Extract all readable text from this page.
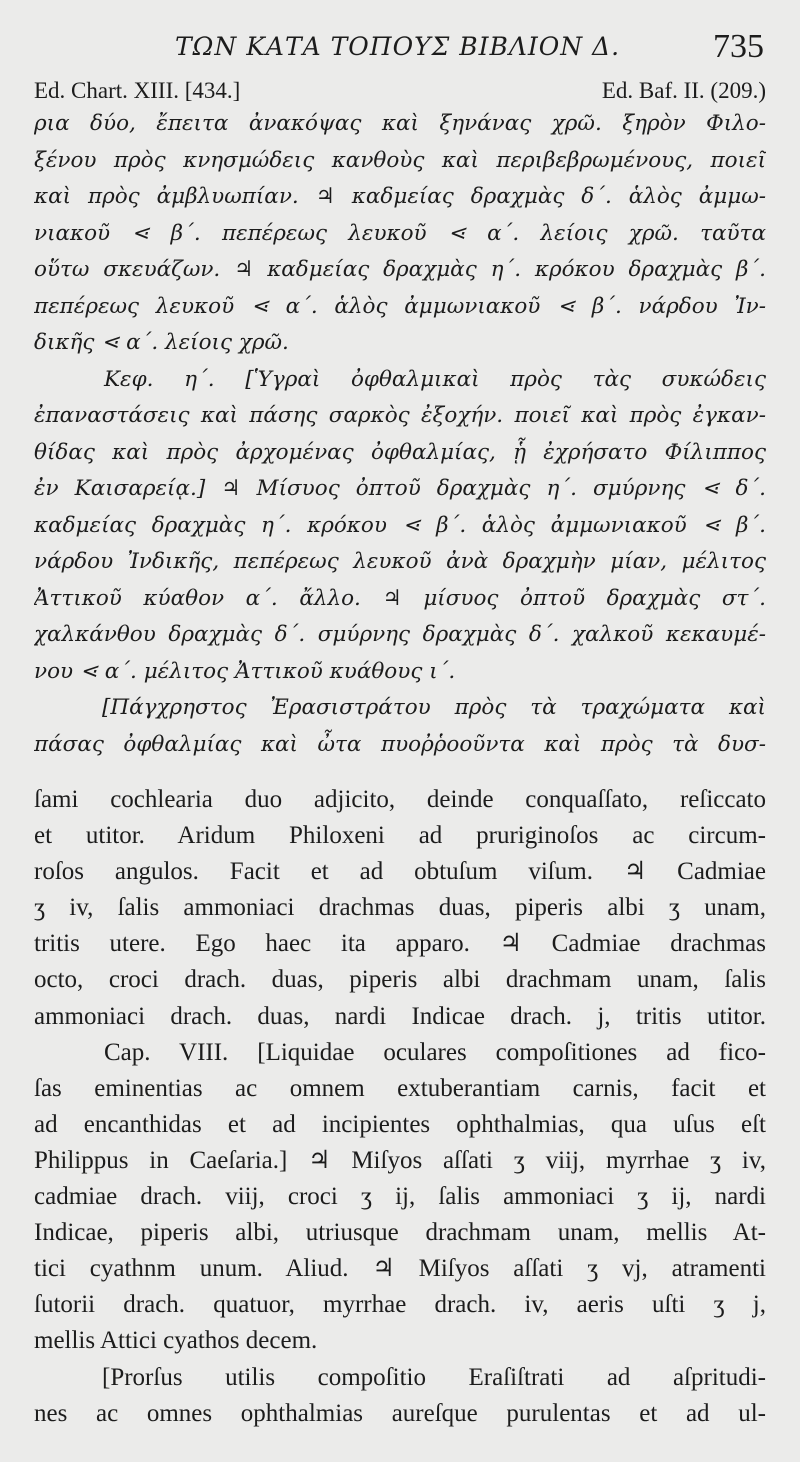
ΤΩΝ ΚΑΤΑ ΤΟΠΟΥΣ ΒΙΒΛΙΟΝ Δ.	735
Ed. Chart. XIII. [434.]	Ed. Baf. II. (209.)
ρια δύο, ἔπειτα ἀνακόψας καὶ ξηνάνας χρῶ. ξηρὸν Φιλο-
ξένου πρὸς κνησμώδεις κανθοὺς καὶ περιβεβρωμένους, ποιεῖ
καὶ πρὸς ἀμβλυωπίαν. ♃ καδμείας δραχμὰς δ΄. ἁλὸς ἀμμω-
νιακοῦ ⋖ β΄. πεπέρεως λευκοῦ ⋖ α΄. λείοις χρῶ. ταῦτα
οὕτω σκευάζων. ♃ καδμείας δραχμὰς η΄. κρόκου δραχμὰς β΄.
πεπέρεως λευκοῦ ⋖ α΄. ἁλὸς ἀμμωνιακοῦ ⋖ β΄. νάρδου Ἰν-
δικῆς ⋖ α΄. λείοις χρῶ.
Κεφ. η΄. [Ὑγραὶ ὀφθαλμικαὶ πρὸς τὰς συκώδεις
ἐπαναστάσεις καὶ πάσης σαρκὸς ἐξοχήν. ποιεῖ καὶ πρὸς ἐγκαν-
θίδας καὶ πρὸς ἀρχομένας ὀφθαλμίας, ᾗ ἐχρήσατο Φίλιππος
ἐν Καισαρείᾳ.] ♃ Μίσυος ὀπτοῦ δραχμὰς η΄. σμύρνης ⋖ δ΄.
καδμείας δραχμὰς η΄. κρόκου ⋖ β΄. ἁλὸς ἀμμωνιακοῦ ⋖ β΄.
νάρδου Ἰνδικῆς, πεπέρεως λευκοῦ ἀνὰ δραχμὴν μίαν, μέλιτος
Ἀττικοῦ κύαθον α΄. ἄλλο. ♃ μίσυος ὀπτοῦ δραχμὰς στ΄.
χαλκάνθου δραχμὰς δ΄. σμύρνης δραχμὰς δ΄. χαλκοῦ κεκαυμέ-
νου ⋖ α΄. μέλιτος Ἀττικοῦ κυάθους ι΄.
[Πάγχρηστος Ἐρασιστράτου πρὸς τὰ τραχώματα καὶ
πάσας ὀφθαλμίας καὶ ὦτα πυοῤῥοοῦντα καὶ πρὸς τὰ δυσ-
ſami cochlearia duo adjicito, deinde conquaſſato, reſiccato
et utitor. Aridum Philoxeni ad pruriginoſos ac circum-
roſos angulos. Facit et ad obtuſum viſum. ♃ Cadmiae
ʒ iv, ſalis ammoniaci drachmas duas, piperis albi ʒ unam,
tritis utere. Ego haec ita apparo. ♃ Cadmiae drachmas
octo, croci drach. duas, piperis albi drachmam unam, ſalis
ammoniaci drach. duas, nardi Indicae drach. j, tritis utitor.
Cap. VIII. [Liquidae oculares compoſitiones ad fico-
ſas eminentias ac omnem extuberantiam carnis, facit et
ad encanthidas et ad incipientes ophthalmias, qua uſus eſt
Philippus in Caeſaria.] ♃ Miſyos aſſati ʒ viij, myrrhae ʒ iv,
cadmiae drach. viij, croci ʒ ij, ſalis ammoniaci ʒ ij, nardi
Indicae, piperis albi, utriusque drachmam unam, mellis At-
tici cyathnm unum. Aliud. ♃ Miſyos aſſati ʒ vj, atramenti
ſutorii drach. quatuor, myrrhae drach. iv, aeris uſti ʒ j,
mellis Attici cyathos decem.
[Prorſus utilis compoſitio Eraſiſtrati ad aſpritudi-
nes ac omnes ophthalmias aureſque purulentas et ad ul-
